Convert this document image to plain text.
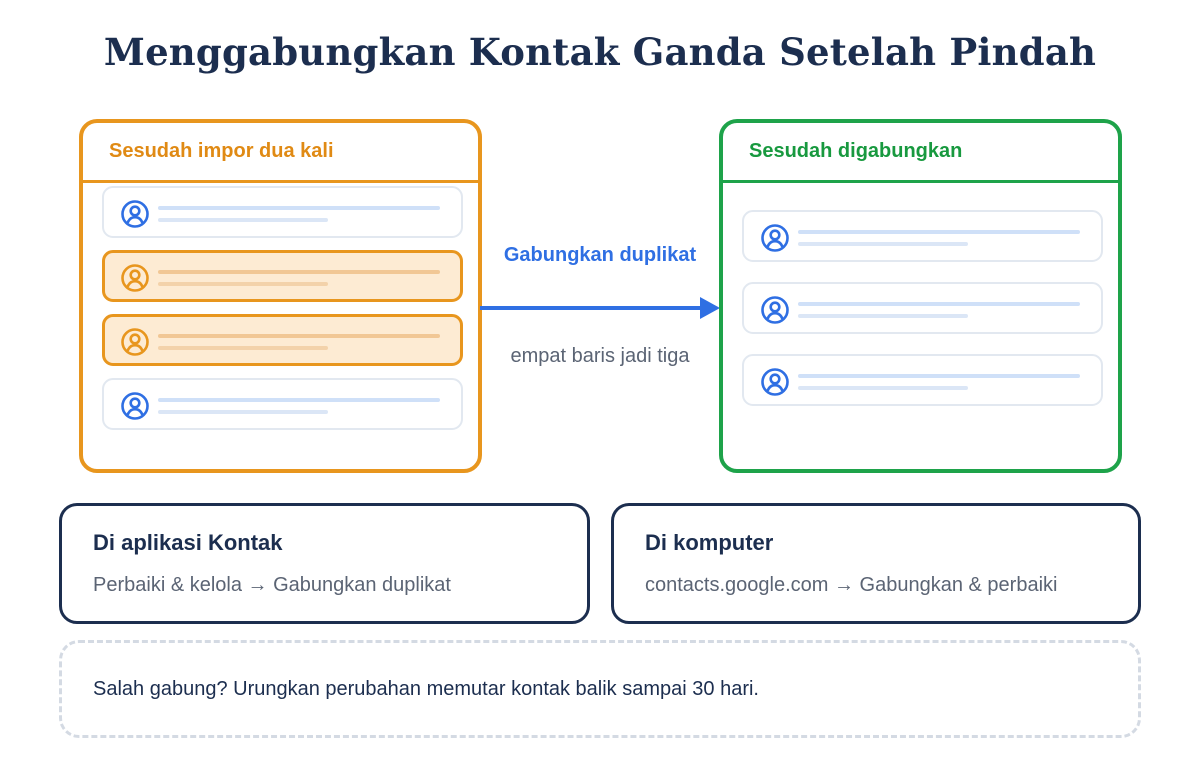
Menggabungkan Kontak Ganda Setelah Pindah
Sesudah impor dua kali
Gabungkan duplikat
empat baris jadi tiga
Sesudah digabungkan
Di aplikasi Kontak
Perbaiki & kelola → Gabungkan duplikat
Di komputer
contacts.google.com → Gabungkan & perbaiki
Salah gabung? Urungkan perubahan memutar kontak balik sampai 30 hari.
